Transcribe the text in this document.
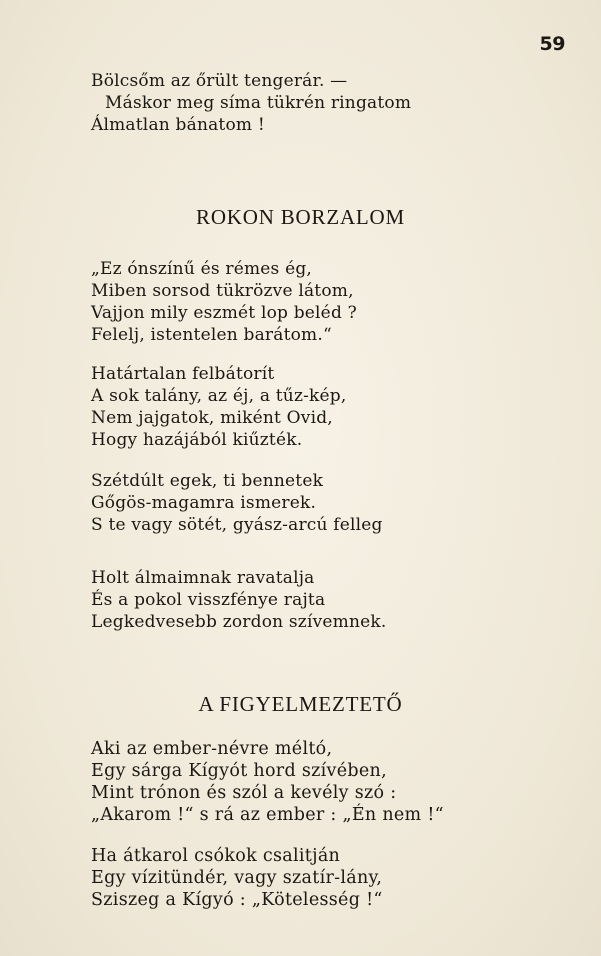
59
Bölcsőm az őrült tengerár. —
Máskor meg síma tükrén ringatom
Álmatlan bánatom !
ROKON BORZALOM
„Ez ónszínű és rémes ég,
Miben sorsod tükrözve látom,
Vajjon mily eszmét lop beléd ?
Felelj, istentelen barátom.“
Határtalan felbátorít
A sok talány, az éj, a tűz-kép,
Nem jajgatok, miként Ovid,
Hogy hazájából kiűzték.
Szétdúlt egek, ti bennetek
Gőgös-magamra ismerek.
S te vagy sötét, gyász-arcú felleg
Holt álmaimnak ravatalja
És a pokol visszfénye rajta
Legkedvesebb zordon szívemnek.
A FIGYELMEZTETŐ
Aki az ember-névre méltó,
Egy sárga Kígyót hord szívében,
Mint trónon és szól a kevély szó :
„Akarom !“ s rá az ember : „Én nem !“
Ha átkarol csókok csalitján
Egy vízitündér, vagy szatír-lány,
Sziszeg a Kígyó : „Kötelesség !“
